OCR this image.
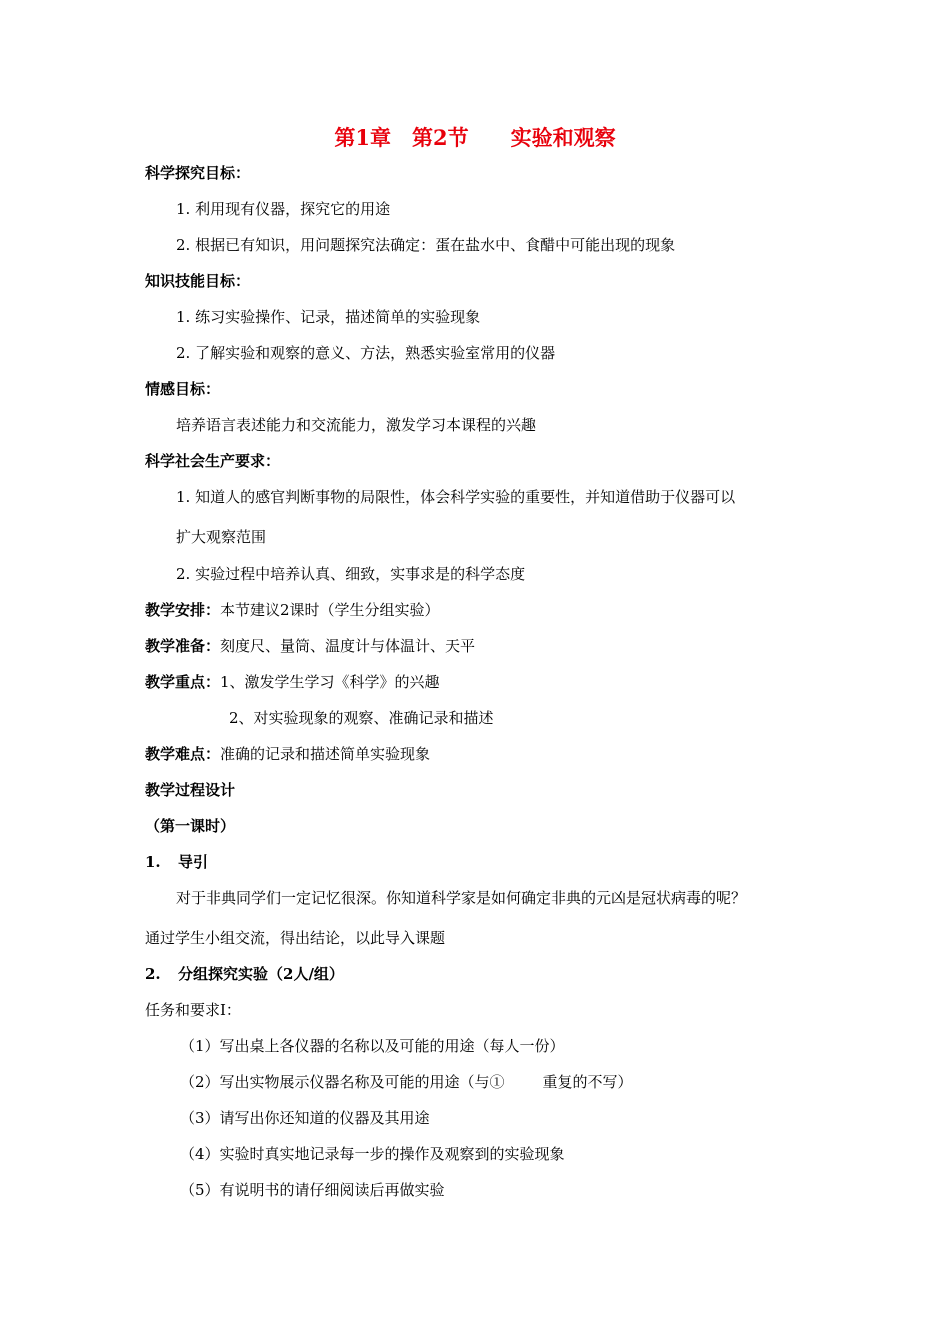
第1章　第2节　　实验和观察
科学探究目标：
1. 利用现有仪器，探究它的用途
2. 根据已有知识，用问题探究法确定：蛋在盐水中、食醋中可能出现的现象
知识技能目标：
1. 练习实验操作、记录，描述简单的实验现象
2. 了解实验和观察的意义、方法，熟悉实验室常用的仪器
情感目标：
培养语言表述能力和交流能力，激发学习本课程的兴趣
科学社会生产要求：
1. 知道人的感官判断事物的局限性，体会科学实验的重要性，并知道借助于仪器可以
扩大观察范围
2. 实验过程中培养认真、细致，实事求是的科学态度
教学安排：本节建议2课时（学生分组实验）
教学准备：刻度尺、量筒、温度计与体温计、天平
教学重点：1、激发学生学习《科学》的兴趣
2、对实验现象的观察、准确记录和描述
教学难点：准确的记录和描述简单实验现象
教学过程设计
（第一课时）
1. 导引
对于非典同学们一定记忆很深。你知道科学家是如何确定非典的元凶是冠状病毒的呢？
通过学生小组交流，得出结论，以此导入课题
2. 分组探究实验（2人/组）
任务和要求Ⅰ：
（1）写出桌上各仪器的名称以及可能的用途（每人一份）
（2）写出实物展示仪器名称及可能的用途（与①	重复的不写）
（3）请写出你还知道的仪器及其用途
（4）实验时真实地记录每一步的操作及观察到的实验现象
（5）有说明书的请仔细阅读后再做实验
